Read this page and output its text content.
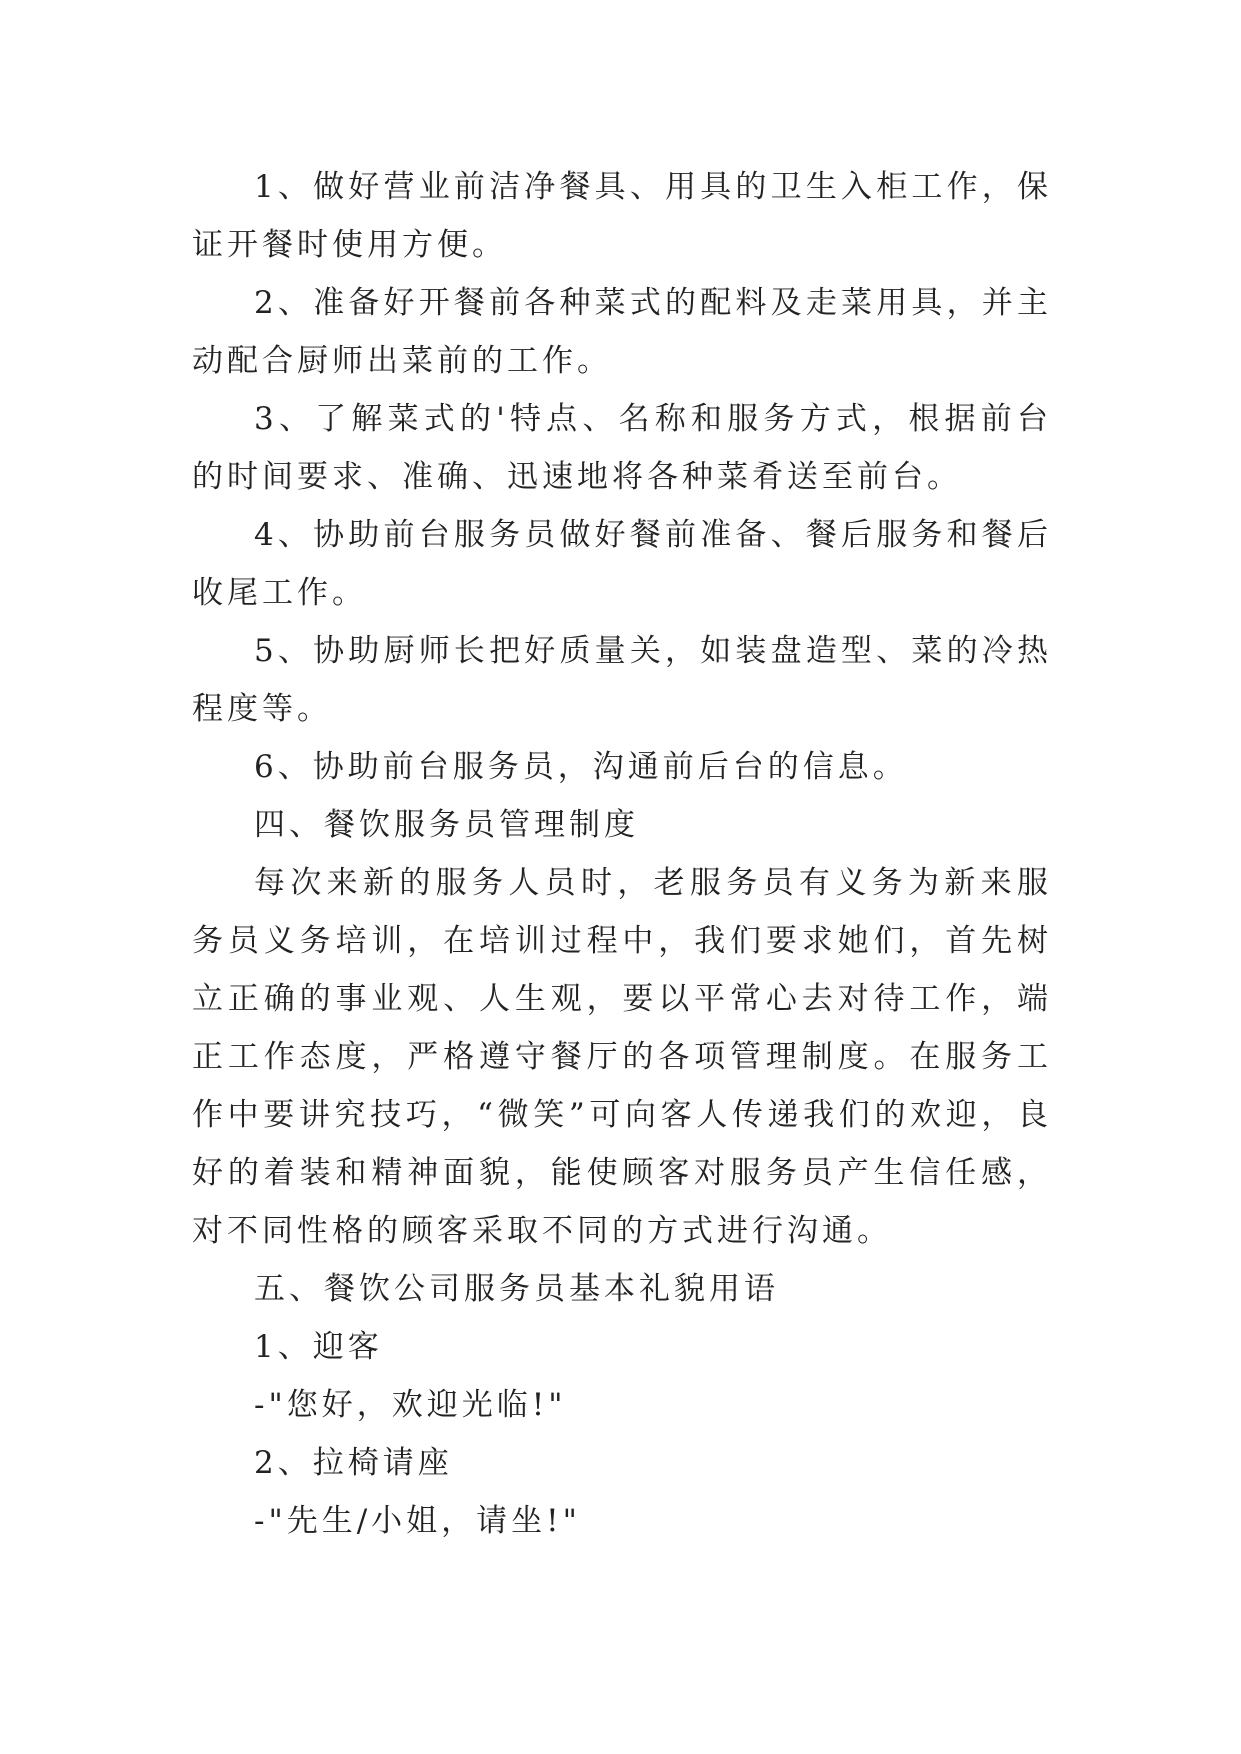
1、做好营业前洁净餐具、用具的卫生入柜工作，保证开餐时使用方便。

2、准备好开餐前各种菜式的配料及走菜用具，并主动配合厨师出菜前的工作。

3、了解菜式的'特点、名称和服务方式，根据前台的时间要求、准确、迅速地将各种菜肴送至前台。

4、协助前台服务员做好餐前准备、餐后服务和餐后收尾工作。

5、协助厨师长把好质量关，如装盘造型、菜的冷热程度等。

6、协助前台服务员，沟通前后台的信息。

四、餐饮服务员管理制度

每次来新的服务人员时，老服务员有义务为新来服务员义务培训，在培训过程中，我们要求她们，首先树立正确的事业观、人生观，要以平常心去对待工作，端正工作态度，严格遵守餐厅的各项管理制度。在服务工作中要讲究技巧，“微笑”可向客人传递我们的欢迎，良好的着装和精神面貌，能使顾客对服务员产生信任感，对不同性格的顾客采取不同的方式进行沟通。

五、餐饮公司服务员基本礼貌用语

1、迎客

-"您好，欢迎光临!"

2、拉椅请座

-"先生/小姐，请坐!"
